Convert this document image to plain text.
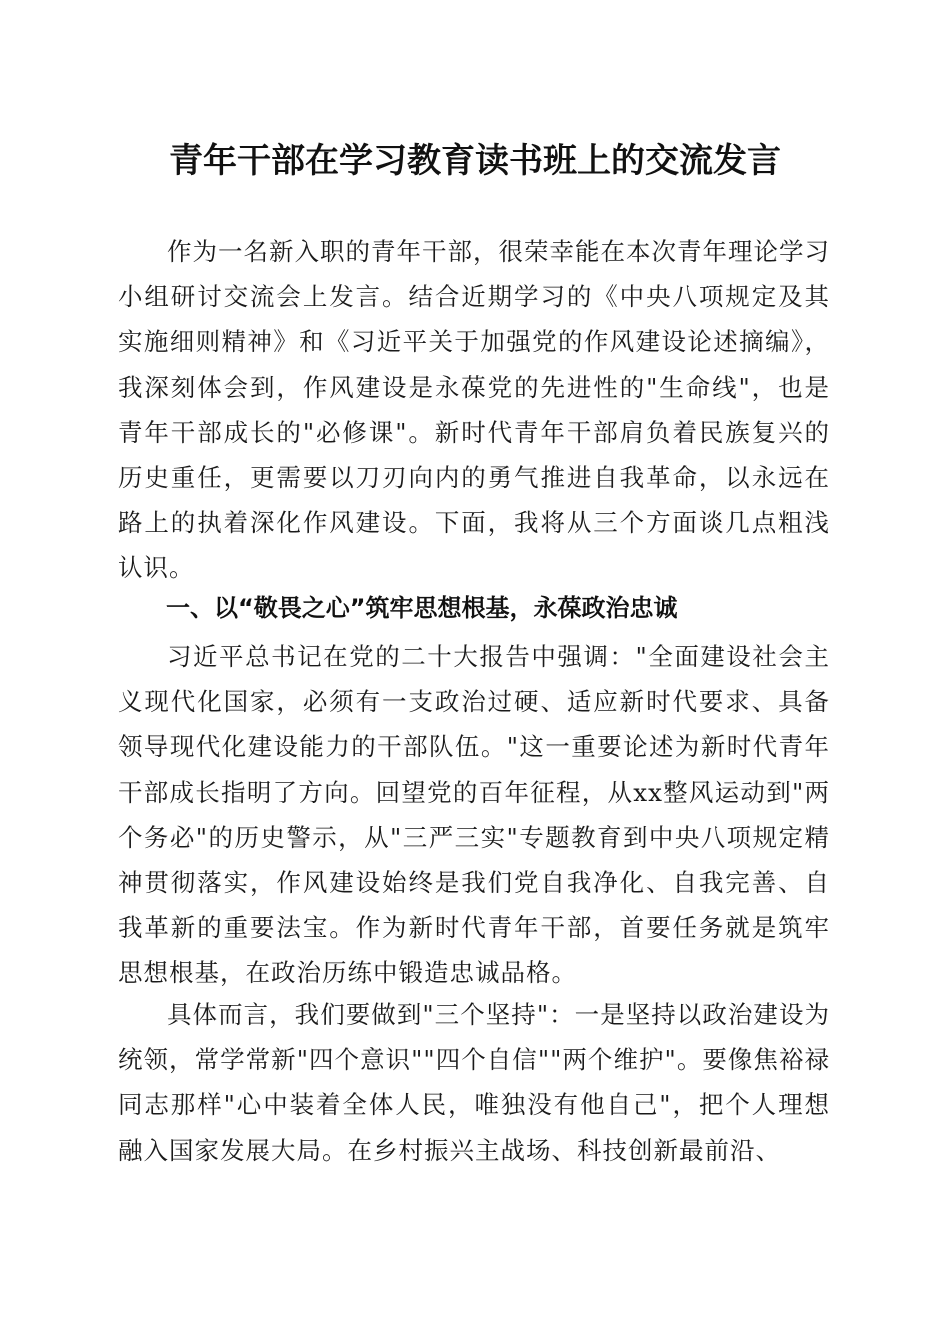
青年干部在学习教育读书班上的交流发言

作为一名新入职的青年干部，很荣幸能在本次青年理论学习小组研讨交流会上发言。结合近期学习的《中央八项规定及其实施细则精神》和《习近平关于加强党的作风建设论述摘编》，我深刻体会到，作风建设是永葆党的先进性的"生命线"，也是青年干部成长的"必修课"。新时代青年干部肩负着民族复兴的历史重任，更需要以刀刃向内的勇气推进自我革命，以永远在路上的执着深化作风建设。下面，我将从三个方面谈几点粗浅认识。

一、以“敬畏之心”筑牢思想根基，永葆政治忠诚

习近平总书记在党的二十大报告中强调："全面建设社会主义现代化国家，必须有一支政治过硬、适应新时代要求、具备领导现代化建设能力的干部队伍。"这一重要论述为新时代青年干部成长指明了方向。回望党的百年征程，从xx整风运动到"两个务必"的历史警示，从"三严三实"专题教育到中央八项规定精神贯彻落实，作风建设始终是我们党自我净化、自我完善、自我革新的重要法宝。作为新时代青年干部，首要任务就是筑牢思想根基，在政治历练中锻造忠诚品格。

具体而言，我们要做到"三个坚持"：一是坚持以政治建设为统领，常学常新"四个意识""四个自信""两个维护"。要像焦裕禄同志那样"心中装着全体人民，唯独没有他自己"，把个人理想融入国家发展大局。在乡村振兴主战场、科技创新最前沿、
